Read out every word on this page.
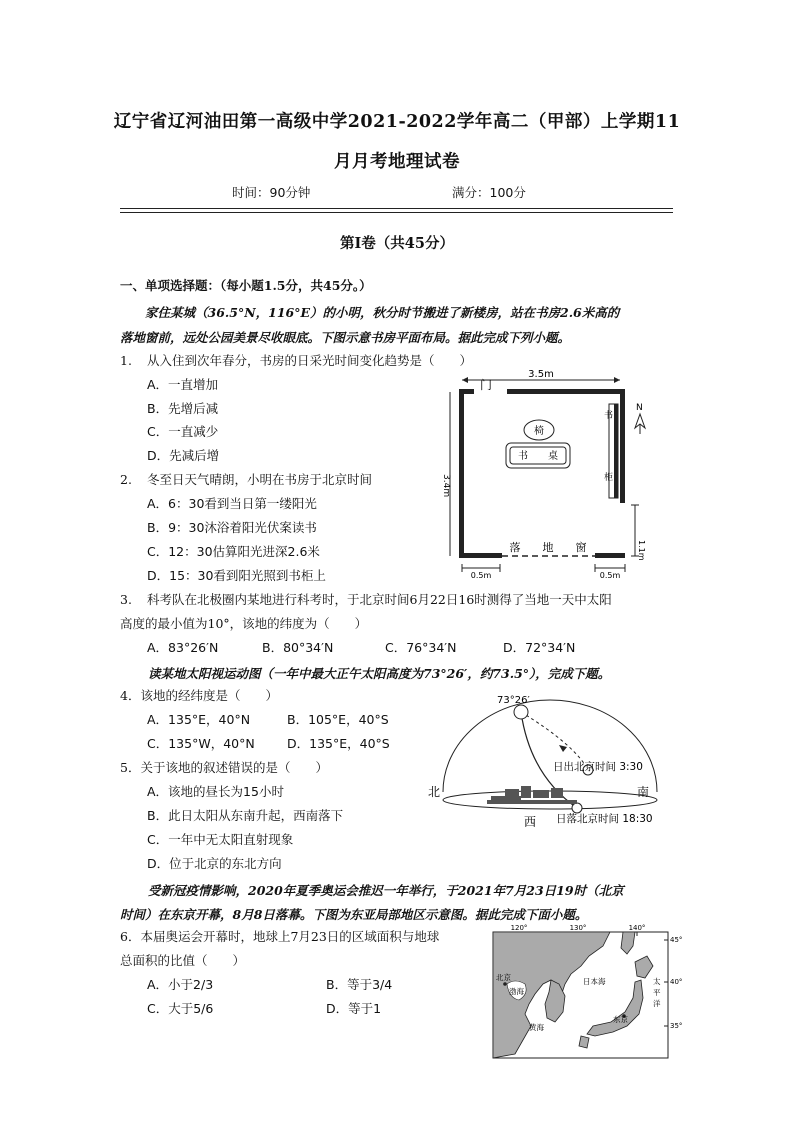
辽宁省辽河油田第一高级中学2021-2022学年高二（甲部）上学期11
月月考地理试卷
时间：90分钟	满分：100分
第Ⅰ卷（共45分）
一、单项选择题：（每小题1.5分，共45分。）
家住某城（36.5°N，116°E）的小明，秋分时节搬进了新楼房，站在书房2.6米高的
落地窗前，远处公园美景尽收眼底。下图示意书房平面布局。据此完成下列小题。
1. 从入住到次年春分，书房的日采光时间变化趋势是（　　）
A．一直增加
B．先增后减
C．一直减少
D．先减后增
2. 冬至日天气晴朗，小明在书房于北京时间
A．6：30看到当日第一缕阳光
B．9：30沐浴着阳光伏案读书
C．12：30估算阳光进深2.6米
D．15：30看到阳光照到书柜上
3.5m
3.4m
门
落　　地　　窗
书
柜
椅
书　　桌
N
1.1m
0.5m	0.5m
3. 科考队在北极圈内某地进行科考时，于北京时间6月22日16时测得了当地一天中太阳
高度的最小值为10°，该地的纬度为（　　）
A．83°26′N	B．80°34′N	C．76°34′N	D．72°34′N
读某地太阳视运动图（一年中最大正午太阳高度为73°26′，约73.5°），完成下题。
4．该地的经纬度是（　　）
A．135°E，40°N	B．105°E，40°S
C．135°W，40°N	D．135°E，40°S
5．关于该地的叙述错误的是（　　）
A．该地的昼长为15小时
B．此日太阳从东南升起，西南落下
C．一年中无太阳直射现象
D．位于北京的东北方向
73°26′
日出北京时间 3:30
日落北京时间 18:30
北	南
西
受新冠疫情影响，2020年夏季奥运会推迟一年举行，于2021年7月23日19时（北京
时间）在东京开幕，8月8日落幕。下图为东亚局部地区示意图。据此完成下面小题。
6．本届奥运会开幕时，地球上7月23日的区域面积与地球
总面积的比值（　　）
A．小于2/3	B．等于3/4
C．大于5/6	D．等于1
120°	130°	140°
45°
40°
35°
北京
渤海
黄海
日本海
东京
太
平
洋
